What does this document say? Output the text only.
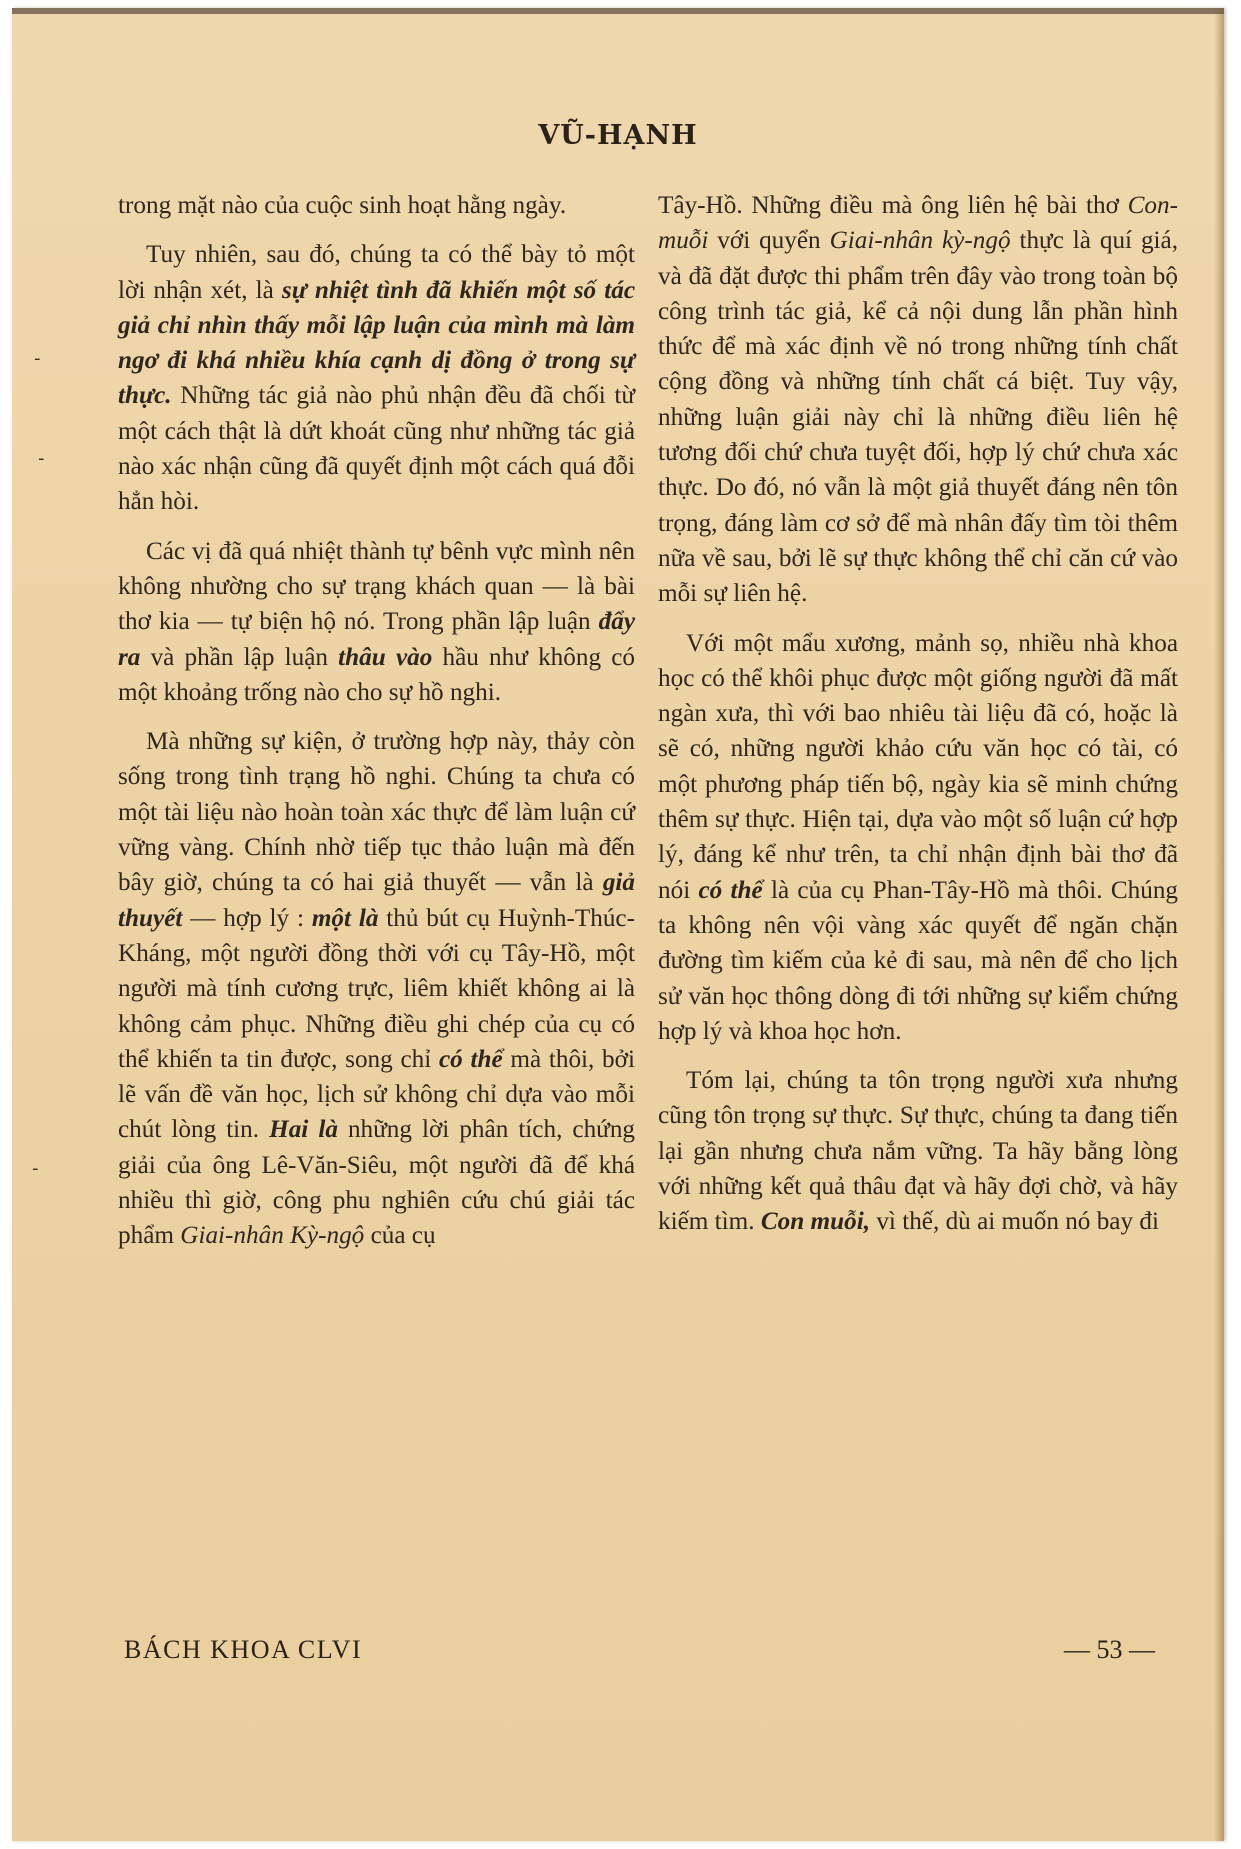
-
-
-
VŨ-HẠNH

trong mặt nào của cuộc sinh hoạt hằng ngày.

Tuy nhiên, sau đó, chúng ta có thể bày tỏ một lời nhận xét, là sự nhiệt tình đã khiến một số tác giả chỉ nhìn thấy mỗi lập luận của mình mà làm ngơ đi khá nhiều khía cạnh dị đồng ở trong sự thực. Những tác giả nào phủ nhận đều đã chối từ một cách thật là dứt khoát cũng như những tác giả nào xác nhận cũng đã quyết định một cách quá đỗi hẳn hòi.

Các vị đã quá nhiệt thành tự bênh vực mình nên không nhường cho sự trạng khách quan — là bài thơ kia — tự biện hộ nó. Trong phần lập luận đẩy ra và phần lập luận thâu vào hầu như không có một khoảng trống nào cho sự hồ nghi.

Mà những sự kiện, ở trường hợp này, thảy còn sống trong tình trạng hồ nghi. Chúng ta chưa có một tài liệu nào hoàn toàn xác thực để làm luận cứ vững vàng. Chính nhờ tiếp tục thảo luận mà đến bây giờ, chúng ta có hai giả thuyết — vẫn là giả thuyết — hợp lý : một là thủ bút cụ Huỳnh-Thúc-Kháng, một người đồng thời với cụ Tây-Hồ, một người mà tính cương trực, liêm khiết không ai là không cảm phục. Những điều ghi chép của cụ có thể khiến ta tin được, song chỉ có thể mà thôi, bởi lẽ vấn đề văn học, lịch sử không chỉ dựa vào mỗi chút lòng tin. Hai là những lời phân tích, chứng giải của ông Lê-Văn-Siêu, một người đã để khá nhiều thì giờ, công phu nghiên cứu chú giải tác phẩm Giai-nhân Kỳ-ngộ của cụ

Tây-Hồ. Những điều mà ông liên hệ bài thơ Con-muỗi với quyển Giai-nhân kỳ-ngộ thực là quí giá, và đã đặt được thi phẩm trên đây vào trong toàn bộ công trình tác giả, kể cả nội dung lẫn phần hình thức để mà xác định về nó trong những tính chất cộng đồng và những tính chất cá biệt. Tuy vậy, những luận giải này chỉ là những điều liên hệ tương đối chứ chưa tuyệt đối, hợp lý chứ chưa xác thực. Do đó, nó vẫn là một giả thuyết đáng nên tôn trọng, đáng làm cơ sở để mà nhân đấy tìm tòi thêm nữa về sau, bởi lẽ sự thực không thể chỉ căn cứ vào mỗi sự liên hệ.

Với một mẩu xương, mảnh sọ, nhiều nhà khoa học có thể khôi phục được một giống người đã mất ngàn xưa, thì với bao nhiêu tài liệu đã có, hoặc là sẽ có, những người khảo cứu văn học có tài, có một phương pháp tiến bộ, ngày kia sẽ minh chứng thêm sự thực. Hiện tại, dựa vào một số luận cứ hợp lý, đáng kể như trên, ta chỉ nhận định bài thơ đã nói có thể là của cụ Phan-Tây-Hồ mà thôi. Chúng ta không nên vội vàng xác quyết để ngăn chặn đường tìm kiếm của kẻ đi sau, mà nên để cho lịch sử văn học thông dòng đi tới những sự kiểm chứng hợp lý và khoa học hơn.

Tóm lại, chúng ta tôn trọng người xưa nhưng cũng tôn trọng sự thực. Sự thực, chúng ta đang tiến lại gần nhưng chưa nắm vững. Ta hãy bằng lòng với những kết quả thâu đạt và hãy đợi chờ, và hãy kiếm tìm. Con muỗi, vì thế, dù ai muốn nó bay đi

BÁCH KHOA CLVI	— 53 —
